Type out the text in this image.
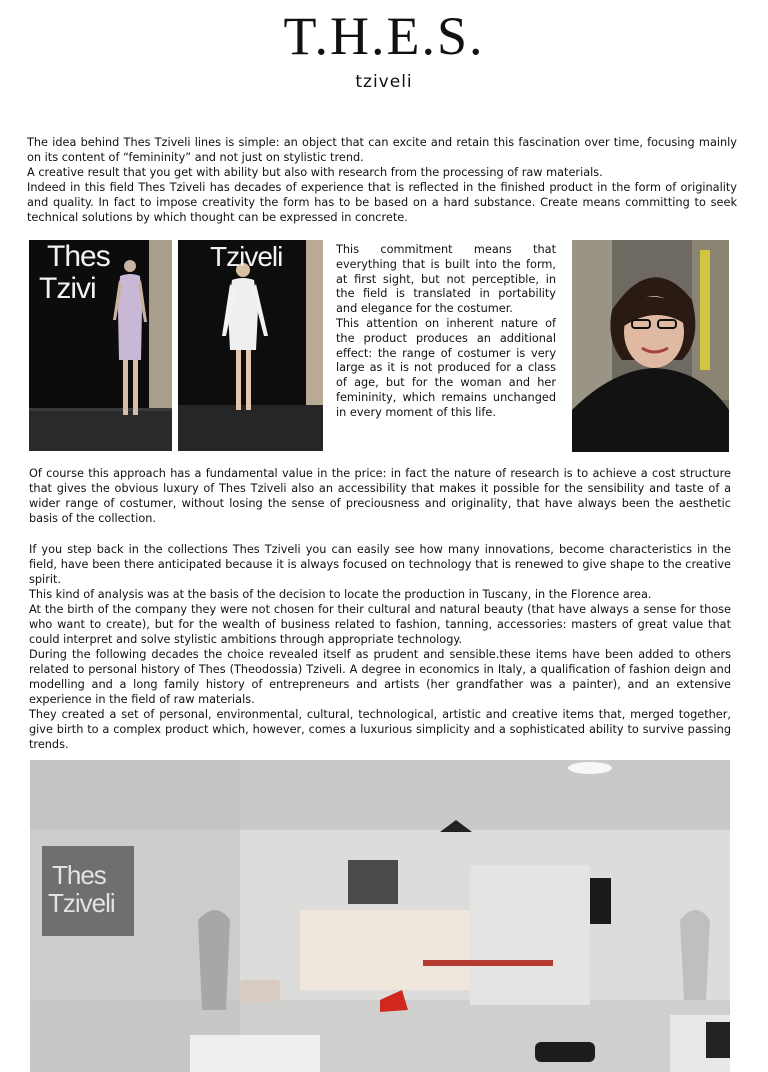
T.H.E.S.
tziveli
The idea behind Thes Tziveli lines is simple: an object that can excite and retain this fascination over time, focusing mainly on its content of “femininity” and not just on stylistic trend.
A creative result that you get with ability but also with research from the processing of raw materials.
Indeed in this field Thes Tziveli has decades of experience that is reflected in the finished product in the form of originality and quality. In fact to impose creativity the form has to be based on a hard substance. Create means committing to seek technical solutions by which thought can be expressed in concrete.
Thes
Tzivi
Tziveli	This commitment means that everything that is built into the form, at first sight, but not perceptible, in the field is translated in portability and elegance for the costumer.
This attention on inherent nature of the product produces an additional effect: the range of costumer is very large as it is not produced for a class of age, but for the woman and her femininity, which remains unchanged in every moment of this life.

Of course this approach has a fundamental value in the price: in fact the nature of research is to achieve a cost structure that gives the obvious luxury of Thes Tziveli also an accessibility that makes it possible for the sensibility and taste of a wider range of costumer, without losing the sense of preciousness and originality, that have always been the aesthetic basis of the collection.

If you step back in the collections Thes Tziveli you can easily see how many innovations, become characteristics in the field, have been there anticipated because it is always focused on technology that is renewed to give shape to the creative spirit.
This kind of analysis was at the basis of the decision to locate the production in Tuscany, in the Florence area.
At the birth of the company they were not chosen for their cultural and natural beauty (that have always a sense for those who want to create), but for the wealth of business related to fashion, tanning, accessories: masters of great value that could interpret and solve stylistic ambitions through appropriate technology.
During the following decades the choice revealed itself as prudent and sensible.these items have been added to others related to personal history of Thes (Theodossia) Tziveli. A degree in economics in Italy, a qualification of fashion deign and modelling and a long family history of entrepreneurs and artists (her grandfather was a painter), and an extensive experience in the field of raw materials.
They created a set of personal, environmental, cultural, technological, artistic and creative items that, merged together, give birth to a complex product which, however, comes a luxurious simplicity and a sophisticated ability to survive passing trends.
Thes
Tziveli
